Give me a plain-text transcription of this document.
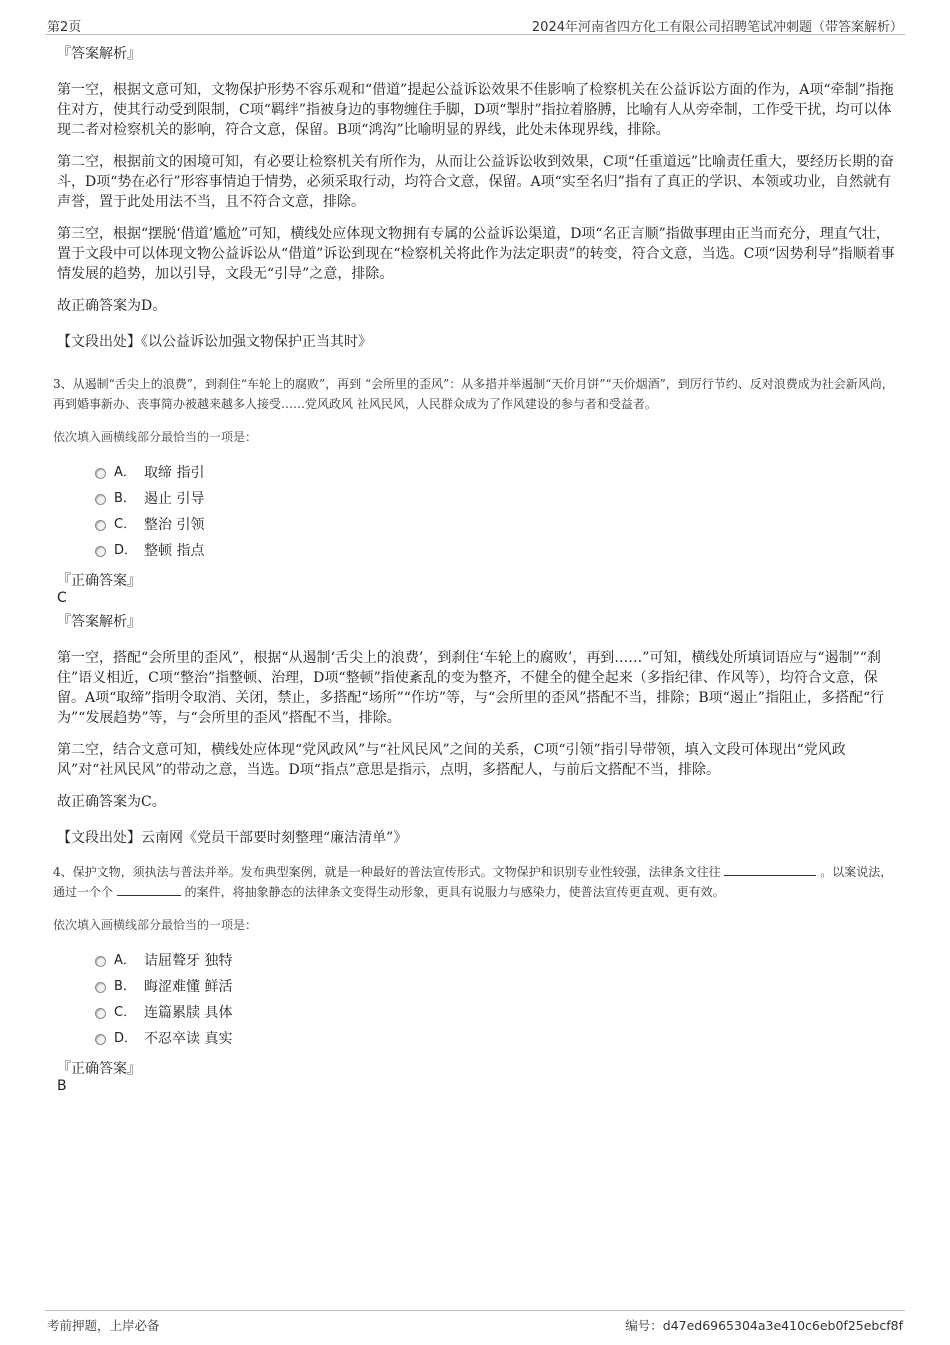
第2页	2024年河南省四方化工有限公司招聘笔试冲刺题（带答案解析）
『答案解析』

第一空，根据文意可知，文物保护形势不容乐观和“借道”提起公益诉讼效果不佳影响了检察机关在公益诉讼方面的作为，A项“牵制”指拖住对方，使其行动受到限制，C项“羁绊”指被身边的事物缠住手脚，D项“掣肘”指拉着胳膊，比喻有人从旁牵制，工作受干扰，均可以体现二者对检察机关的影响，符合文意，保留。B项“鸿沟”比喻明显的界线，此处未体现界线，排除。

第二空，根据前文的困境可知，有必要让检察机关有所作为，从而让公益诉讼收到效果，C项“任重道远”比喻责任重大，要经历长期的奋斗，D项“势在必行”形容事情迫于情势，必须采取行动，均符合文意，保留。A项“实至名归”指有了真正的学识、本领或功业，自然就有声誉，置于此处用法不当，且不符合文意，排除。

第三空，根据“摆脱‘借道’尴尬”可知，横线处应体现文物拥有专属的公益诉讼渠道，D项“名正言顺”指做事理由正当而充分，理直气壮，置于文段中可以体现文物公益诉讼从“借道”诉讼到现在“检察机关将此作为法定职责”的转变，符合文意，当选。C项“因势利导”指顺着事情发展的趋势，加以引导，文段无“引导”之意，排除。

故正确答案为D。

【文段出处】《以公益诉讼加强文物保护正当其时》
3、从遏制“舌尖上的浪费”，到刹住“车轮上的腐败”，再到 “会所里的歪风”：从多措并举遏制“天价月饼”“天价烟酒”，到厉行节约、反对浪费成为社会新风尚，再到婚事新办、丧事简办被越来越多人接受……党风政风 社风民风，人民群众成为了作风建设的参与者和受益者。
依次填入画横线部分最恰当的一项是：
A． 取缔 指引
B． 遏止 引导
C． 整治 引领
D． 整顿 指点
『正确答案』
C
『答案解析』

第一空，搭配“会所里的歪风”，根据“从遏制‘舌尖上的浪费’，到刹住‘车轮上的腐败’，再到……”可知，横线处所填词语应与“遏制”“刹住”语义相近，C项“整治”指整顿、治理，D项“整顿”指使紊乱的变为整齐，不健全的健全起来（多指纪律、作风等），均符合文意，保留。A项“取缔”指明令取消、关闭，禁止，多搭配“场所”“作坊”等，与“会所里的歪风”搭配不当，排除；B项“遏止”指阻止，多搭配“行为”“发展趋势”等，与“会所里的歪风”搭配不当，排除。

第二空，结合文意可知，横线处应体现“党风政风”与“社风民风”之间的关系，C项“引领”指引导带领，填入文段可体现出“党风政风”对“社风民风”的带动之意，当选。D项“指点”意思是指示，点明，多搭配人，与前后文搭配不当，排除。

故正确答案为C。

【文段出处】云南网《党员干部要时刻整理“廉洁清单”》
4、保护文物，须执法与普法并举。发布典型案例，就是一种最好的普法宣传形式。文物保护和识别专业性较强，法律条文往往	。以案说法，通过一个个	的案件，将抽象静态的法律条文变得生动形象，更具有说服力与感染力，使普法宣传更直观、更有效。
依次填入画横线部分最恰当的一项是：
A． 诘屈聱牙 独特
B． 晦涩难懂 鲜活
C． 连篇累牍 具体
D． 不忍卒读 真实
『正确答案』
B
考前押题，上岸必备	编号：d47ed6965304a3e410c6eb0f25ebcf8f
